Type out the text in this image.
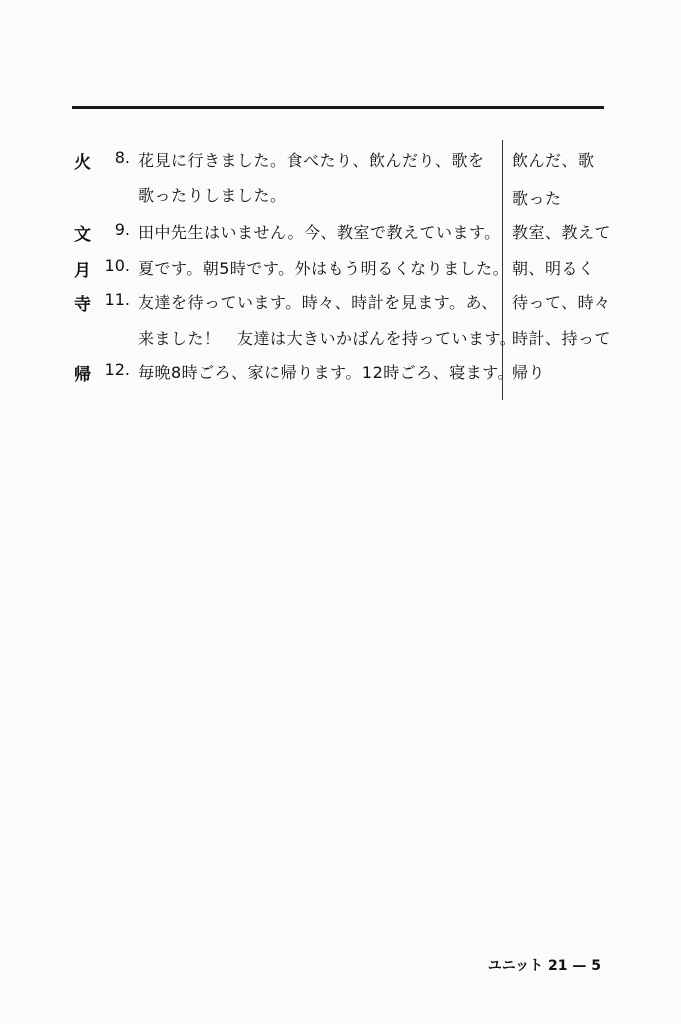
火	8. 花見に行きました。食べたり、飲んだり、歌を
歌ったりしました。
文	9. 田中先生はいません。今、教室で教えています。
月 10. 夏です。朝5時です。外はもう明るくなりました。
寺 11. 友達を待っています。時々、時計を見ます。あ、
来ました！　友達は大きいかばんを持っています。
帰 12. 毎晩8時ごろ、家に帰ります。12時ごろ、寝ます。
飲んだ、歌
歌った
教室、教えて
朝、明るく
待って、時々
時計、持って
帰り
ユニット 21 — 5
